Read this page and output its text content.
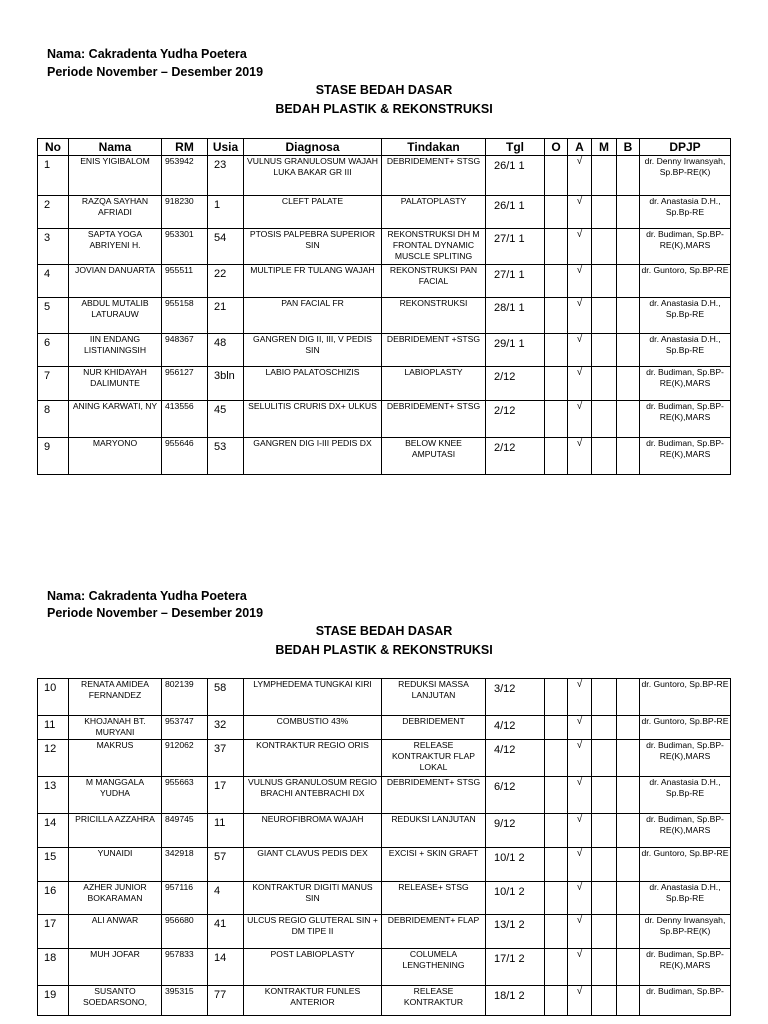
Nama: Cakradenta Yudha Poetera
Periode November – Desember 2019
STASE BEDAH DASAR
BEDAH PLASTIK & REKONSTRUKSI
No	Nama	RM	Usia	Diagnosa	Tindakan	Tgl	O	A	M	B	DPJP
1	ENIS YIGIBALOM	953942	23	VULNUS GRANULOSUM WAJAH LUKA BAKAR GR III	DEBRIDEMENT+ STSG	26/1 1		√			dr. Denny Irwansyah, Sp.BP-RE(K)
2	RAZQA SAYHAN AFRIADI	918230	1	CLEFT PALATE	PALATOPLASTY	26/1 1		√			dr. Anastasia D.H., Sp.Bp-RE
3	SAPTA YOGA ABRIYENI H.	953301	54	PTOSIS PALPEBRA SUPERIOR SIN	REKONSTRUKSI DH M FRONTAL DYNAMIC MUSCLE SPLITING	27/1 1		√			dr. Budiman, Sp.BP-RE(K),MARS
4	JOVIAN DANUARTA	955511	22	MULTIPLE FR TULANG WAJAH	REKONSTRUKSI PAN FACIAL	27/1 1		√			dr. Guntoro, Sp.BP-RE
5	ABDUL MUTALIB LATURAUW	955158	21	PAN FACIAL FR	REKONSTRUKSI	28/1 1		√			dr. Anastasia D.H., Sp.Bp-RE
6	IIN ENDANG LISTIANINGSIH	948367	48	GANGREN DIG II, III, V PEDIS SIN	DEBRIDEMENT +STSG	29/1 1		√			dr. Anastasia D.H., Sp.Bp-RE
7	NUR KHIDAYAH DALIMUNTE	956127	3bln	LABIO PALATOSCHIZIS	LABIOPLASTY	2/12		√			dr. Budiman, Sp.BP-RE(K),MARS
8	ANING KARWATI, NY	413556	45	SELULITIS CRURIS DX+ ULKUS	DEBRIDEMENT+ STSG	2/12		√			dr. Budiman, Sp.BP-RE(K),MARS
9	MARYONO	955646	53	GANGREN DIG I-III PEDIS DX	BELOW KNEE AMPUTASI	2/12		√			dr. Budiman, Sp.BP-RE(K),MARS
Nama: Cakradenta Yudha Poetera
Periode November – Desember 2019
STASE BEDAH DASAR
BEDAH PLASTIK & REKONSTRUKSI
10	RENATA AMIDEA FERNANDEZ	802139	58	LYMPHEDEMA TUNGKAI KIRI	REDUKSI MASSA LANJUTAN	3/12		√			dr. Guntoro, Sp.BP-RE
11	KHOJANAH BT. MURYANI	953747	32	COMBUSTIO 43%	DEBRIDEMENT	4/12		√			dr. Guntoro, Sp.BP-RE
12	MAKRUS	912062	37	KONTRAKTUR REGIO ORIS	RELEASE KONTRAKTUR FLAP LOKAL	4/12		√			dr. Budiman, Sp.BP-RE(K),MARS
13	M MANGGALA YUDHA	955663	17	VULNUS GRANULOSUM REGIO BRACHI ANTEBRACHI DX	DEBRIDEMENT+ STSG	6/12		√			dr. Anastasia D.H., Sp.Bp-RE
14	PRICILLA AZZAHRA	849745	11	NEUROFIBROMA WAJAH	REDUKSI LANJUTAN	9/12		√			dr. Budiman, Sp.BP-RE(K),MARS
15	YUNAIDI	342918	57	GIANT CLAVUS PEDIS DEX	EXCISI + SKIN GRAFT	10/1 2		√			dr. Guntoro, Sp.BP-RE
16	AZHER JUNIOR BOKARAMAN	957116	4	KONTRAKTUR DIGITI MANUS SIN	RELEASE+ STSG	10/1 2		√			dr. Anastasia D.H., Sp.Bp-RE
17	ALI ANWAR	956680	41	ULCUS REGIO GLUTERAL SIN + DM TIPE II	DEBRIDEMENT+ FLAP	13/1 2		√			dr. Denny Irwansyah, Sp.BP-RE(K)
18	MUH JOFAR	957833	14	POST LABIOPLASTY	COLUMELA LENGTHENING	17/1 2		√			dr. Budiman, Sp.BP-RE(K),MARS
19	SUSANTO SOEDARSONO,	395315	77	KONTRAKTUR FUNLES ANTERIOR	RELEASE KONTRAKTUR	18/1 2		√			dr. Budiman, Sp.BP-
